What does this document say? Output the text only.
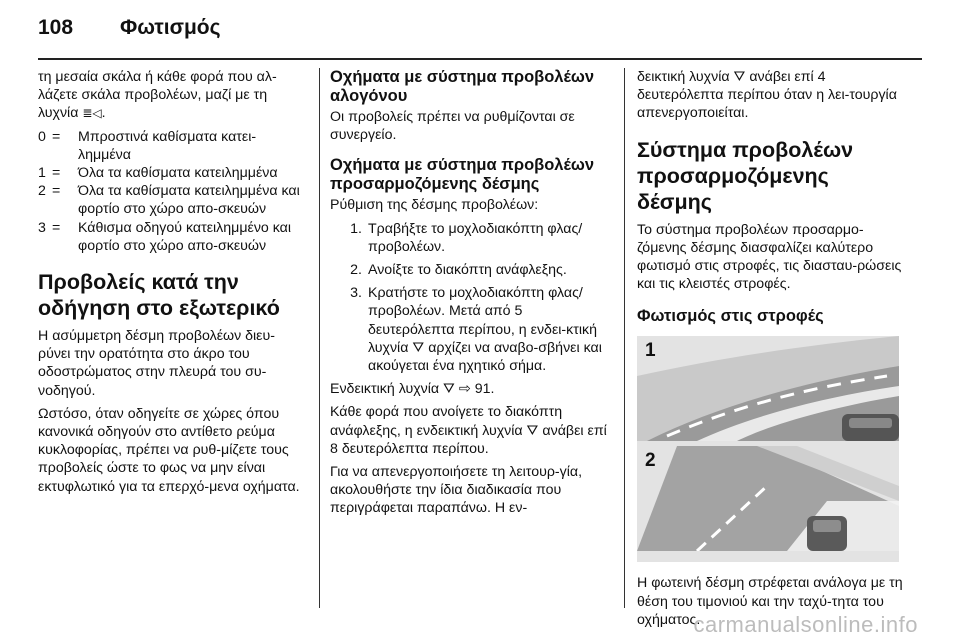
108 Φωτισμός

τη μεσαία σκάλα ή κάθε φορά που αλ-λάζετε σκάλα προβολέων, μαζί με τη λυχνία ≣◁.

0 =	Μπροστινά καθίσματα κατει-λημμένα
1 =	Όλα τα καθίσματα κατειλημμένα
2 =	Όλα τα καθίσματα κατειλημμένα και φορτίο στο χώρο απο-σκευών
3 =	Κάθισμα οδηγού κατειλημμένο και φορτίο στο χώρο απο-σκευών
Προβολείς κατά την οδήγηση στο εξωτερικό

Η ασύμμετρη δέσμη προβολέων διευ-ρύνει την ορατότητα στο άκρο του οδοστρώματος στην πλευρά του συ-νοδηγού.

Ωστόσο, όταν οδηγείτε σε χώρες όπου κανονικά οδηγούν στο αντίθετο ρεύμα κυκλοφορίας, πρέπει να ρυθ-μίζετε τους προβολείς ώστε το φως να μην είναι εκτυφλωτικό για τα επερχό-μενα οχήματα.

Οχήματα με σύστημα προβολέων αλογόνου

Οι προβολείς πρέπει να ρυθμίζονται σε συνεργείο.

Οχήματα με σύστημα προβολέων προσαρμοζόμενης δέσμης

Ρύθμιση της δέσμης προβολέων:

1. Τραβήξτε το μοχλοδιακόπτη φλας/προβολέων.
2. Ανοίξτε το διακόπτη ανάφλεξης.
3. Κρατήστε το μοχλοδιακόπτη φλας/προβολέων. Μετά από 5 δευτερόλεπτα περίπου, η ενδει-κτική λυχνία ⛛ αρχίζει να αναβο-σβήνει και ακούγεται ένα ηχητικό σήμα.

Ενδεικτική λυχνία ⛛ ⇨ 91.

Κάθε φορά που ανοίγετε το διακόπτη ανάφλεξης, η ενδεικτική λυχνία ⛛ ανάβει επί 8 δευτερόλεπτα περίπου.

Για να απενεργοποιήσετε τη λειτουρ-γία, ακολουθήστε την ίδια διαδικασία που περιγράφεται παραπάνω. Η εν-

δεικτική λυχνία ⛛ ανάβει επί 4 δευτερόλεπτα περίπου όταν η λει-τουργία απενεργοποιείται.

Σύστημα προβολέων προσαρμοζόμενης δέσμης

Το σύστημα προβολέων προσαρμο-ζόμενης δέσμης διασφαλίζει καλύτερο φωτισμό στις στροφές, τις διασταυ-ρώσεις και τις κλειστές στροφές.

Φωτισμός στις στροφές
1
2

Η φωτεινή δέσμη στρέφεται ανάλογα με τη θέση του τιμονιού και την ταχύ-τητα του οχήματος.

carmanualsonline.info
